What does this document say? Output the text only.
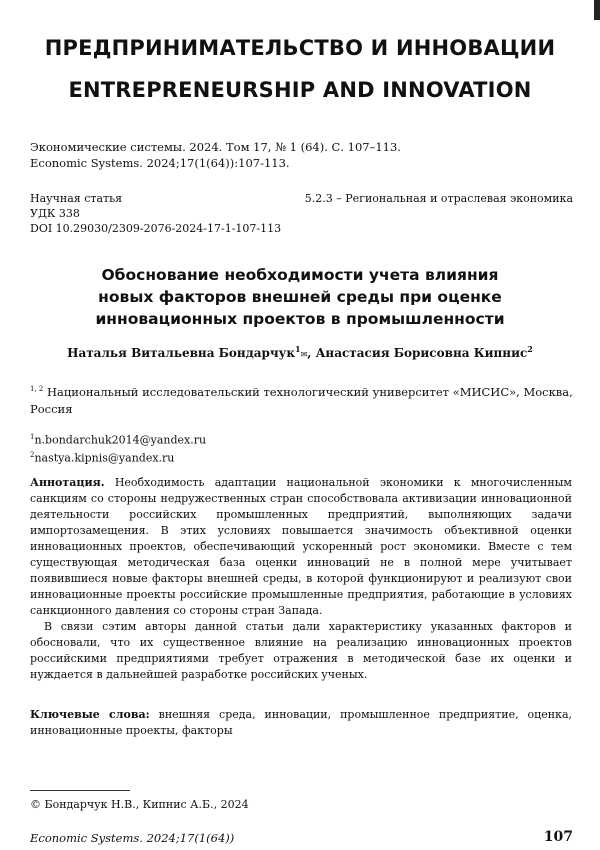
ПРЕДПРИНИМАТЕЛЬСТВО И ИННОВАЦИИ
ENTREPRENEURSHIP AND INNOVATION
Экономические системы. 2024. Том 17, № 1 (64). С. 107–113.
Economic Systems. 2024;17(1(64)):107-113.
Научная статья
УДК 338
DOI 10.29030/2309-2076-2024-17-1-107-113
5.2.3 – Региональная и отраслевая экономика
Обоснование необходимости учета влияния
новых факторов внешней среды при оценке
инновационных проектов в промышленности
Наталья Витальевна Бондарчук$^1$✉, Анастасия Борисовна Кипнис$^2$
$^{1, 2}$ Национальный исследовательский технологический университет «МИСИС», Москва, Россия
$^1$n.bondarchuk2014@yandex.ru
$^2$nastya.kipnis@yandex.ru

Аннотация. Необходимость адаптации национальной экономики к многочисленным санкциям со стороны недружественных стран способствовала активизации инновационной деятельности российских промышленных предприятий, выполняющих задачи импортозамещения. В этих условиях повышается значимость объективной оценки инновационных проектов, обеспечивающий ускоренный рост экономики. Вместе с тем существующая методическая база оценки инноваций не в полной мере учитывает появившиеся новые факторы внешней среды, в которой функционируют и реализуют свои инновационные проекты российские промышленные предприятия, работающие в условиях санкционного давления со стороны стран Запада.

В связи сэтим авторы данной статьи дали характеристику указанных факторов и обосновали, что их существенное влияние на реализацию инновационных проектов российскими предприятиями требует отражения в методической базе их оценки и нуждается в дальнейшей разработке российских ученых.

Ключевые слова: внешняя среда, инновации, промышленное предприятие, оценка, инновационные проекты, факторы
© Бондарчук Н.В., Кипнис А.Б., 2024
Economic Systems. 2024;17(1(64))	107
